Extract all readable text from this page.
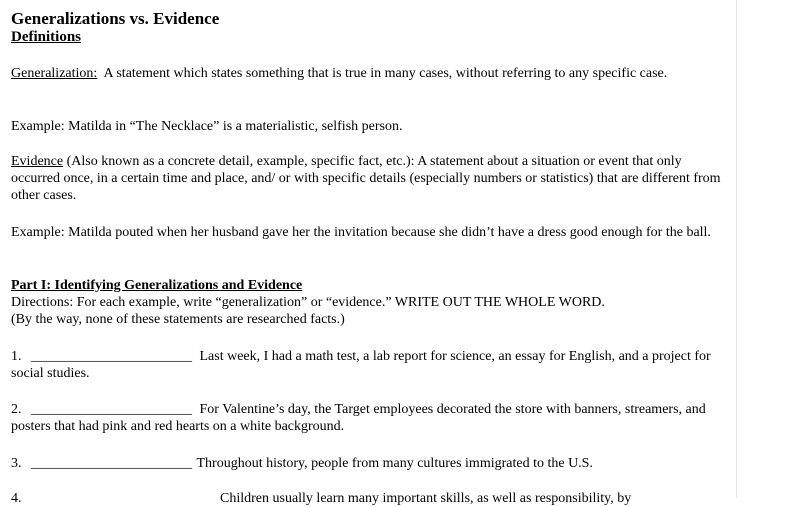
Generalizations vs. Evidence
Definitions
Generalization:  A statement which states something that is true in many cases, without referring to any specific case.
Example: Matilda in “The Necklace” is a materialistic, selfish person.
Evidence (Also known as a concrete detail, example, specific fact, etc.): A statement about a situation or event that only occurred once, in a certain time and place, and/ or with specific details (especially numbers or statistics) that are different from other cases.
Example: Matilda pouted when her husband gave her the invitation because she didn’t have a dress good enough for the ball.
Part I: Identifying Generalizations and Evidence
Directions: For each example, write “generalization” or “evidence.” WRITE OUT THE WHOLE WORD.
(By the way, none of these statements are researched facts.)
1. _______________________ Last week, I had a math test, a lab report for science, an essay for English, and a project for social studies.
2. _______________________ For Valentine’s day, the Target employees decorated the store with banners, streamers, and posters that had pink and red hearts on a white background.
3. _______________________ Throughout history, people from many cultures immigrated to the U.S.
4.	Children usually learn many important skills, as well as responsibility, by
